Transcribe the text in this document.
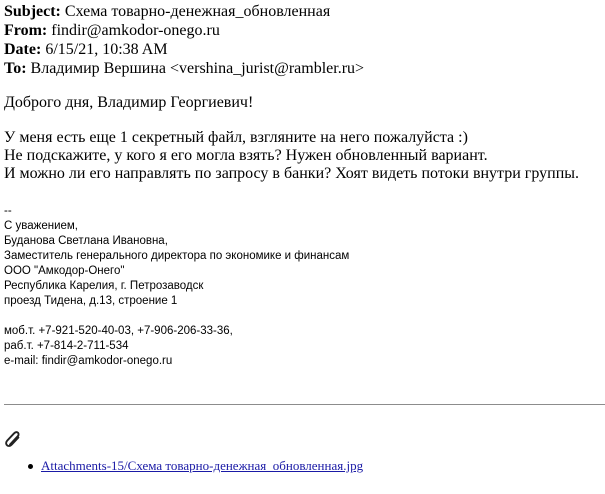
Subject: Схема товарно-денежная_обновленная
From: findir@amkodor-onego.ru
Date: 6/15/21, 10:38 AM
To: Владимир Вершина <vershina_jurist@rambler.ru>
Доброго дня, Владимир Георгиевич!
У меня есть еще 1 секретный файл, взгляните на него пожалуйста :)
Не подскажите, у кого я его могла взять? Нужен обновленный вариант.
И можно ли его направлять по запросу в банки? Хоят видеть потоки внутри группы.
--
С уважением,
Буданова Светлана Ивановна,
Заместитель генерального директора по экономике и финансам
ООО "Амкодор-Онего"
Республика Карелия, г. Петрозаводск
проезд Тидена, д.13, строение 1
моб.т. +7-921-520-40-03, +7-906-206-33-36,
раб.т. +7-814-2-711-534
e-mail: findir@amkodor-onego.ru
Attachments-15/Схема товарно-денежная_обновленная.jpg
